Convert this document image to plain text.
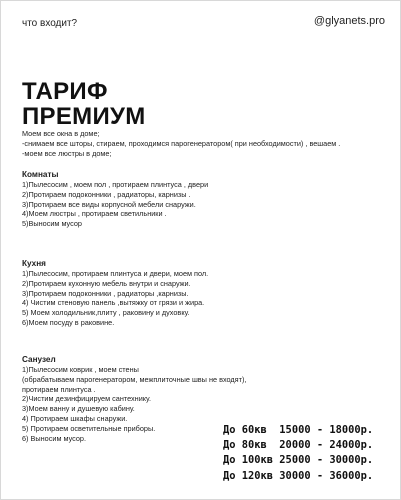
что входит?	@glyanets.pro
ТАРИФ
ПРЕМИУМ
Моем все окна в доме;
-снимаем все шторы, стираем, проходимся парогенератором( при необходимости) , вешаем .
-моем все люстры в доме;
Комнаты
1)Пылесосим , моем пол , протираем плинтуса , двери
2)Протираем подоконники , радиаторы, карнизы .
3)Протираем все виды корпусной мебели снаружи.
4)Моем люстры , протираем светильники .
5)Выносим мусор
Кухня
1)Пылесосим, протираем плинтуса и двери, моем пол.
2)Протираем кухонную мебель внутри и снаружи.
3)Протираем подоконники , радиаторы ,карнизы.
4) Чистим стеновую панель ,вытяжку от грязи и жира.
5) Моем холодильник,плиту , раковину и духовку.
6)Моем посуду в раковине.
Санузел
1)Пылесосим коврик , моем стены
(обрабатываем парогенератором, межплиточные швы не входят),
протираем плинтуса .
2)Чистим дезинфицируем сантехнику.
3)Моем ванну и душевую кабину.
4) Протираем шкафы снаружи.
5) Протираем осветительные приборы.
6) Выносим мусор.
До 60кв  15000 - 18000р.
До 80кв  20000 - 24000р.
До 100кв 25000 - 30000р.
До 120кв 30000 - 36000р.
